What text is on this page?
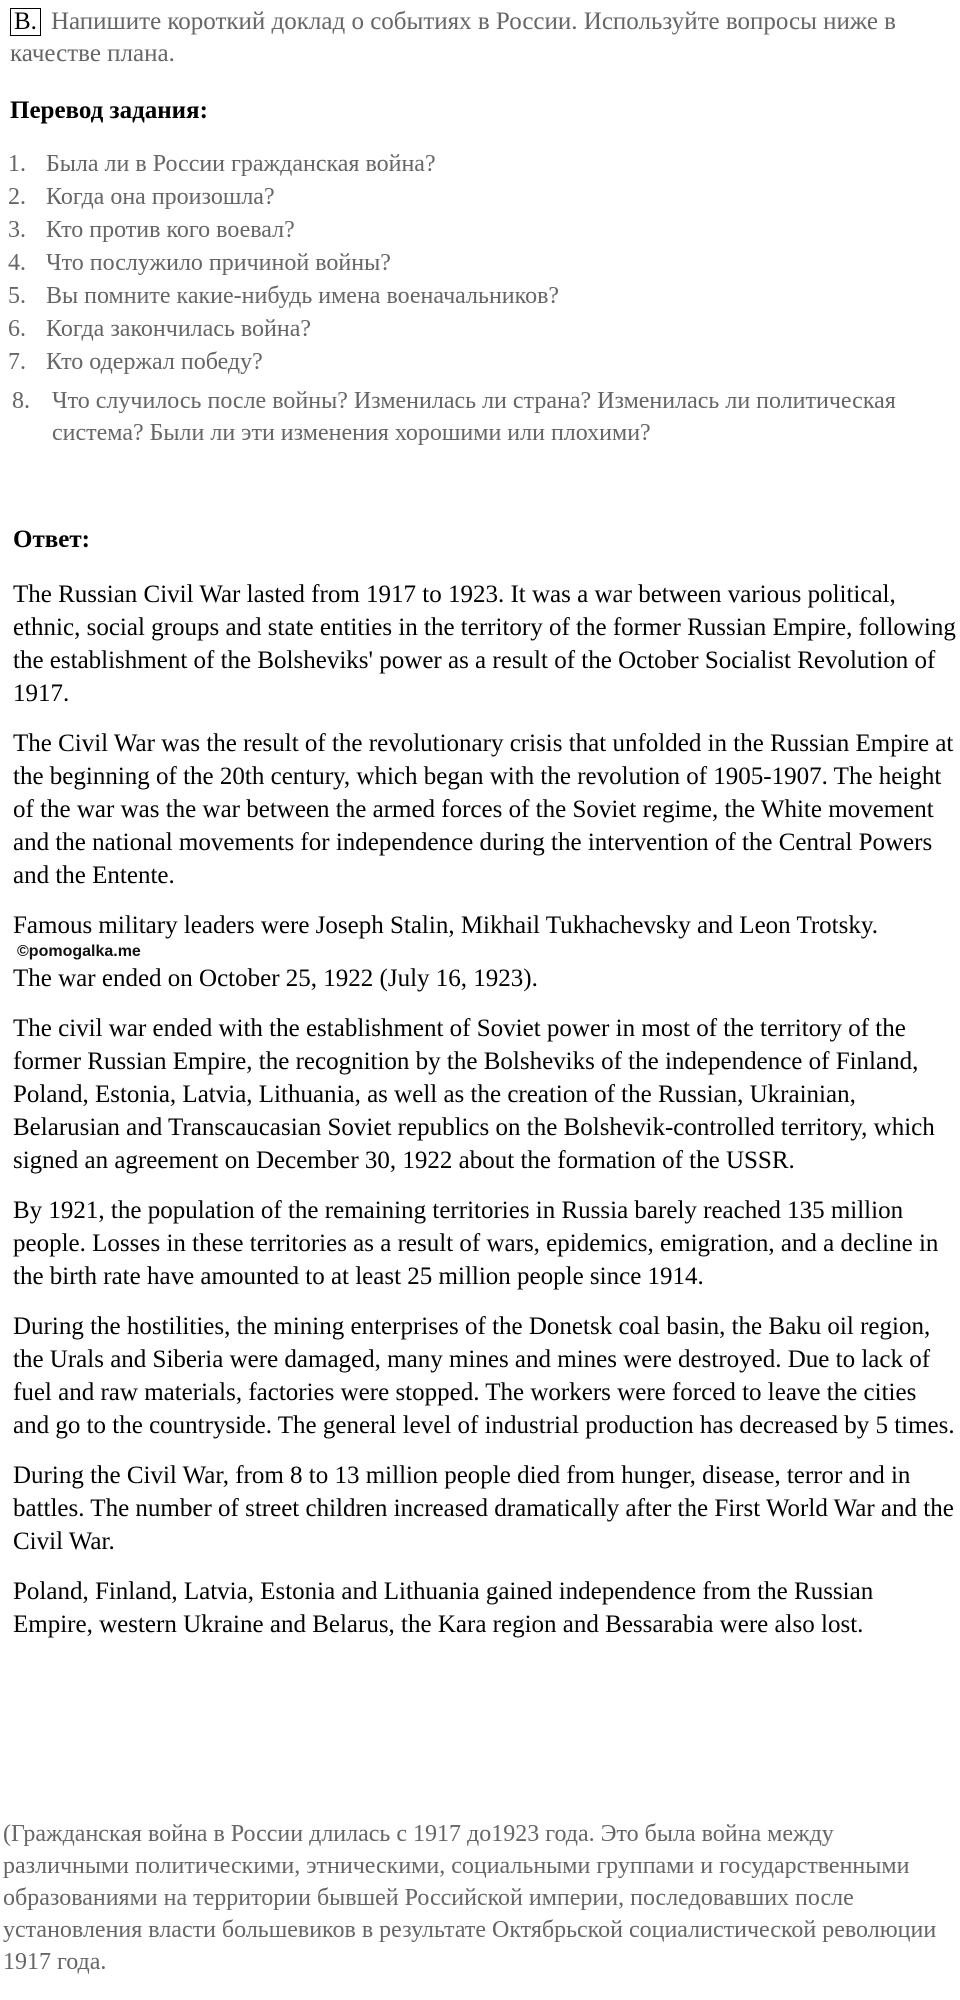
B. Напишите короткий доклад о событиях в России. Используйте вопросы ниже в качестве плана.
Перевод задания:
1. Была ли в России гражданская война?
2. Когда она произошла?
3. Кто против кого воевал?
4. Что послужило причиной войны?
5. Вы помните какие-нибудь имена военачальников?
6. Когда закончилась война?
7. Кто одержал победу?
8. Что случилось после войны? Изменилась ли страна? Изменилась ли политическая система? Были ли эти изменения хорошими или плохими?
Ответ:

The Russian Civil War lasted from 1917 to 1923. It was a war between various political, ethnic, social groups and state entities in the territory of the former Russian Empire, following the establishment of the Bolsheviks' power as a result of the October Socialist Revolution of 1917.

The Civil War was the result of the revolutionary crisis that unfolded in the Russian Empire at the beginning of the 20th century, which began with the revolution of 1905-1907. The height of the war was the war between the armed forces of the Soviet regime, the White movement and the national movements for independence during the intervention of the Central Powers and the Entente.

Famous military leaders were Joseph Stalin, Mikhail Tukhachevsky and Leon Trotsky.

©pomogalka.me

The war ended on October 25, 1922 (July 16, 1923).

The civil war ended with the establishment of Soviet power in most of the territory of the former Russian Empire, the recognition by the Bolsheviks of the independence of Finland, Poland, Estonia, Latvia, Lithuania, as well as the creation of the Russian, Ukrainian, Belarusian and Transcaucasian Soviet republics on the Bolshevik-controlled territory, which signed an agreement on December 30, 1922 about the formation of the USSR.

By 1921, the population of the remaining territories in Russia barely reached 135 million people. Losses in these territories as a result of wars, epidemics, emigration, and a decline in the birth rate have amounted to at least 25 million people since 1914.

During the hostilities, the mining enterprises of the Donetsk coal basin, the Baku oil region, the Urals and Siberia were damaged, many mines and mines were destroyed. Due to lack of fuel and raw materials, factories were stopped. The workers were forced to leave the cities and go to the countryside. The general level of industrial production has decreased by 5 times.

During the Civil War, from 8 to 13 million people died from hunger, disease, terror and in battles. The number of street children increased dramatically after the First World War and the Civil War.

Poland, Finland, Latvia, Estonia and Lithuania gained independence from the Russian Empire, western Ukraine and Belarus, the Kara region and Bessarabia were also lost.

(Гражданская война в России длилась с 1917 до1923 года. Это была война между различными политическими, этническими, социальными группами и государственными образованиями на территории бывшей Российской империи, последовавших после установления власти большевиков в результате Октябрьской социалистической революции 1917 года.
